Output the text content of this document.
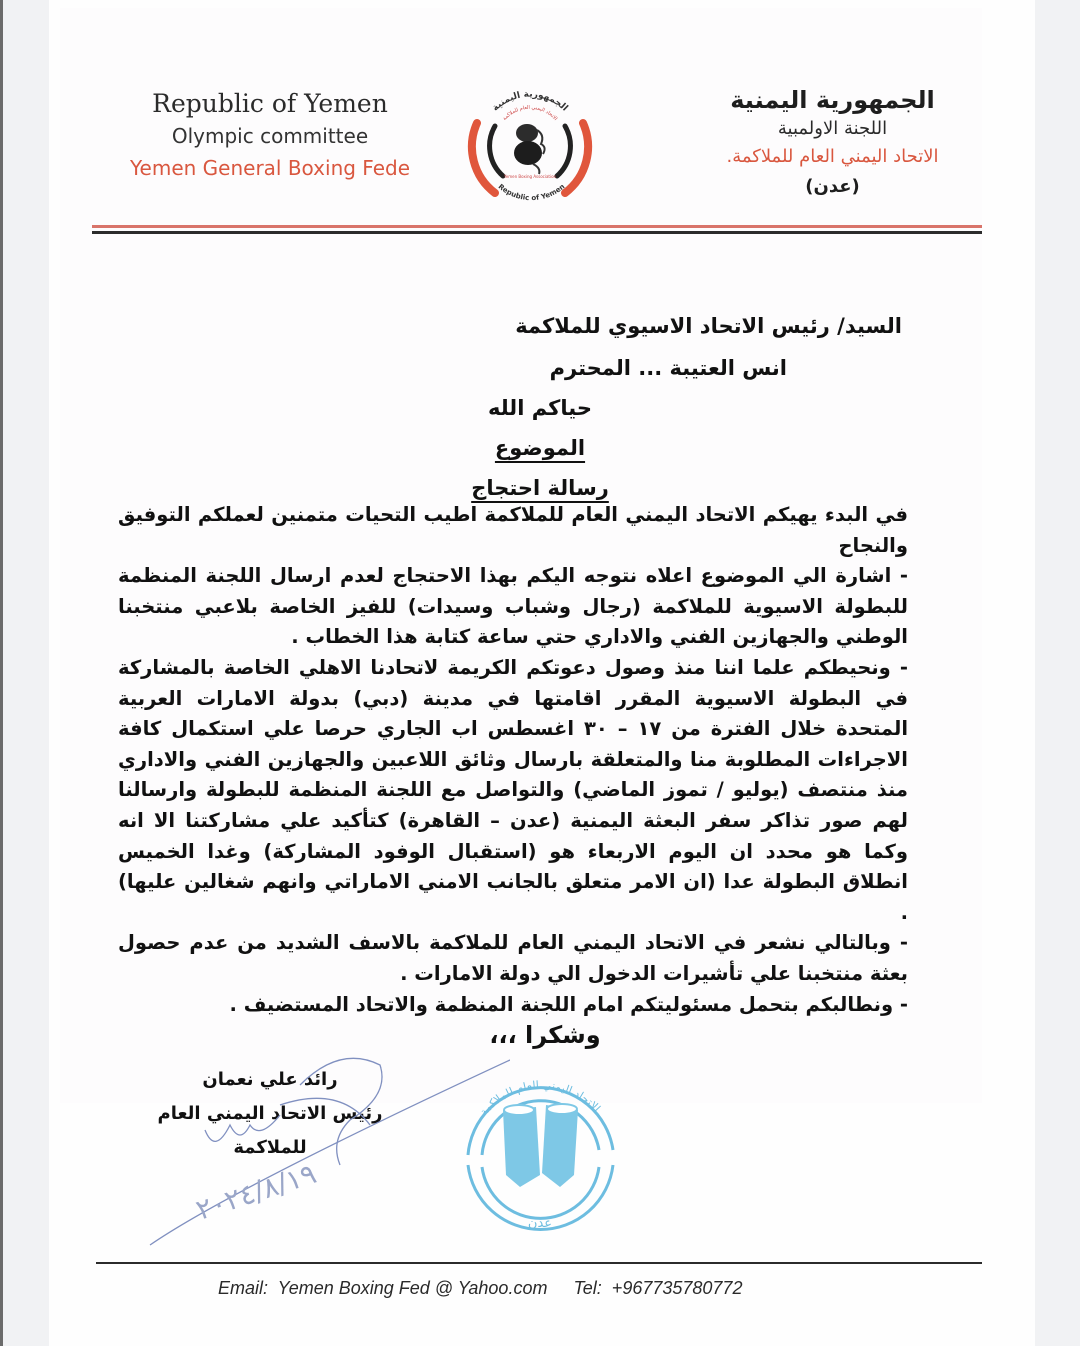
Republic of Yemen
Olympic committee
Yemen General Boxing Fede
الجمهورية اليمنية
الاتحاد اليمني العام للملاكمة
Yemen Boxing Association
Republic of Yemen
الجمهورية اليمنية
اللجنة الاولمبية
الاتحاد اليمني العام للملاكمة.
(عدن)
السيد/ رئيس الاتحاد الاسيوي للملاكمة
انس العتيبة ... المحترم
حياكم الله
الموضوع
رسالة احتجاج

في البدء يهيكم الاتحاد اليمني العام للملاكمة اطيب التحيات متمنين لعملكم التوفيق والنجاح

- اشارة الي الموضوع اعلاه نتوجه اليكم بهذا الاحتجاج لعدم ارسال اللجنة المنظمة للبطولة الاسيوية للملاكمة (رجال وشباب وسيدات) للفيز الخاصة بلاعبي منتخبنا الوطني والجهازين الفني والاداري حتي ساعة كتابة هذا الخطاب .

- ونحيطكم علما اننا منذ وصول دعوتكم الكريمة لاتحادنا الاهلي الخاصة بالمشاركة في البطولة الاسيوية المقرر اقامتها في مدينة (دبي) بدولة الامارات العربية المتحدة خلال الفترة من ١٧ – ٣٠ اغسطس اب الجاري حرصا علي استكمال كافة الاجراءات المطلوبة منا والمتعلقة بارسال وثائق اللاعبين والجهازين الفني والاداري منذ منتصف (يوليو / تموز الماضي) والتواصل مع اللجنة المنظمة للبطولة وارسالنا لهم صور تذاكر سفر البعثة اليمنية (عدن – القاهرة) كتأكيد علي مشاركتنا الا انه وكما هو محدد ان اليوم الاربعاء هو (استقبال الوفود المشاركة) وغدا الخميس انطلاق البطولة عدا (ان الامر متعلق بالجانب الامني الاماراتي وانهم شغالين عليها) .

- وبالتالي نشعر في الاتحاد اليمني العام للملاكمة بالاسف الشديد من عدم حصول بعثة منتخبنا علي تأشيرات الدخول الي دولة الامارات .

- ونطالبكم بتحمل مسئوليتكم امام اللجنة المنظمة والاتحاد المستضيف .

وشكرا ،،،
الاتحاد اليمني العام للملاكمة
عدن
رائد علي نعمان
رئيس الاتحاد اليمني العام
للملاكمة
٢٠٢٤/٨/١٩
Email:  Yemen Boxing Fed @ Yahoo.com Tel:  +967735780772
